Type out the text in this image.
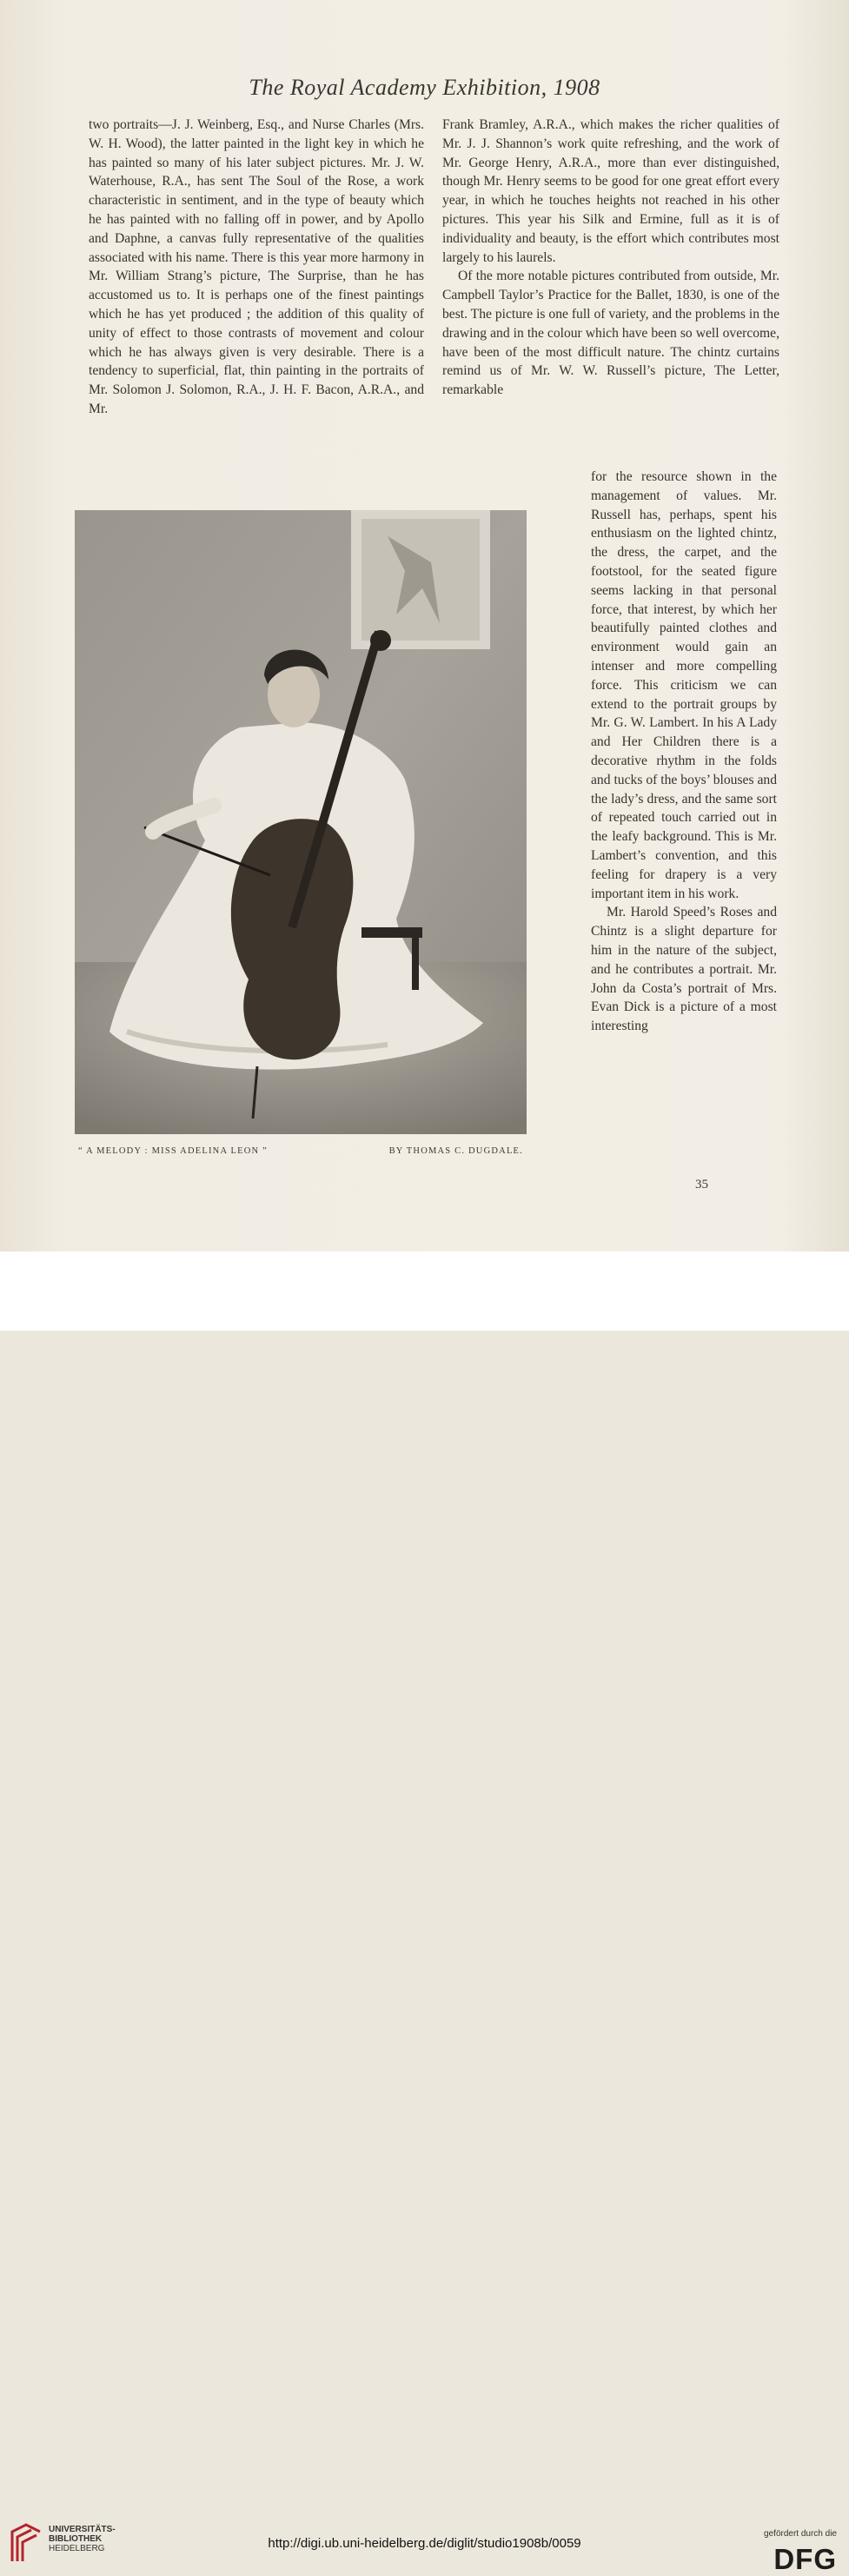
The Royal Academy Exhibition, 1908

two portraits—J. J. Weinberg, Esq., and Nurse Charles (Mrs. W. H. Wood), the latter painted in the light key in which he has painted so many of his later subject pictures. Mr. J. W. Waterhouse, R.A., has sent The Soul of the Rose, a work characteristic in sentiment, and in the type of beauty which he has painted with no falling off in power, and by Apollo and Daphne, a canvas fully representative of the qualities associated with his name. There is this year more harmony in Mr. William Strang’s picture, The Surprise, than he has accustomed us to. It is perhaps one of the finest paintings which he has yet produced ; the addition of this quality of unity of effect to those contrasts of movement and colour which he has always given is very desirable. There is a tendency to superficial, flat, thin painting in the portraits of Mr. Solomon J. Solomon, R.A., J. H. F. Bacon, A.R.A., and Mr.

Frank Bramley, A.R.A., which makes the richer qualities of Mr. J. J. Shannon’s work quite refreshing, and the work of Mr. George Henry, A.R.A., more than ever distinguished, though Mr. Henry seems to be good for one great effort every year, in which he touches heights not reached in his other pictures. This year his Silk and Ermine, full as it is of individuality and beauty, is the effort which contributes most largely to his laurels.

Of the more notable pictures contributed from outside, Mr. Campbell Taylor’s Practice for the Ballet, 1830, is one of the best. The picture is one full of variety, and the problems in the drawing and in the colour which have been so well overcome, have been of the most difficult nature. The chintz curtains remind us of Mr. W. W. Russell’s picture, The Letter, remarkable

for the resource shown in the management of values. Mr. Russell has, perhaps, spent his enthusiasm on the lighted chintz, the dress, the carpet, and the footstool, for the seated figure seems lacking in that personal force, that interest, by which her beautifully painted clothes and environment would gain an intenser and more compelling force. This criticism we can extend to the portrait groups by Mr. G. W. Lambert. In his A Lady and Her Children there is a decorative rhythm in the folds and tucks of the boys’ blouses and the lady’s dress, and the same sort of repeated touch carried out in the leafy background. This is Mr. Lambert’s convention, and this feeling for drapery is a very important item in his work.

Mr. Harold Speed’s Roses and Chintz is a slight departure for him in the nature of the subject, and he contributes a portrait. Mr. John da Costa’s portrait of Mrs. Evan Dick is a picture of a most interesting

“ A MELODY : MISS ADELINA LEON ”	BY THOMAS C. DUGDALE.
35
UNIVERSITÄTS-
BIBLIOTHEK
HEIDELBERG	http://digi.ub.uni-heidelberg.de/diglit/studio1908b/0059
gefördert durch die
DFG
